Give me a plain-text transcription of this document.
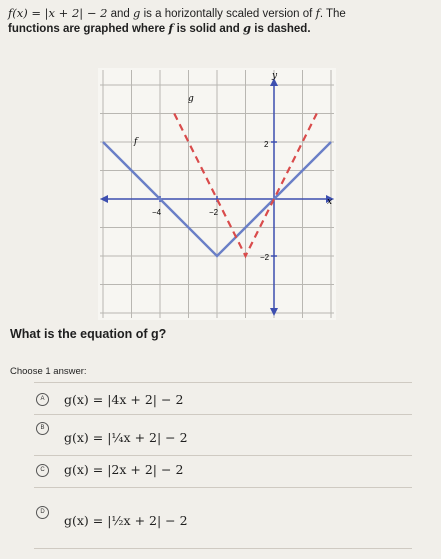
f(x) = |x + 2| − 2 and g is a horizontally scaled version of f. The
functions are graphed where f is solid and g is dashed.
y
x
−4	−2
2
−2
f
g
What is the equation of g?
Choose 1 answer:
A	g(x) = |4x + 2| − 2
B
g(x) = |¼x + 2| − 2
C	g(x) = |2x + 2| − 2
D
g(x) = |½x + 2| − 2
